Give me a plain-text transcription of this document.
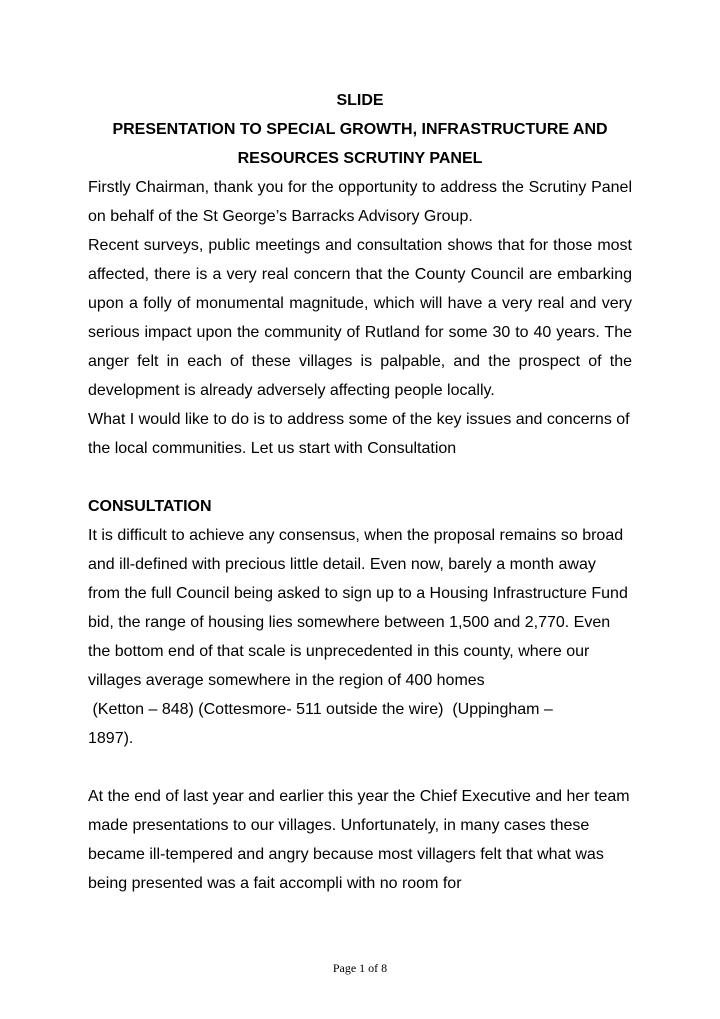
SLIDE
PRESENTATION TO SPECIAL GROWTH, INFRASTRUCTURE AND
RESOURCES SCRUTINY PANEL

Firstly Chairman, thank you for the opportunity to address the Scrutiny Panel on behalf of the St George’s Barracks Advisory Group.

Recent surveys, public meetings and consultation shows that for those most affected, there is a very real concern that the County Council are embarking upon a folly of monumental magnitude, which will have a very real and very serious impact upon the community of Rutland for some 30 to 40 years. The anger felt in each of these villages is palpable, and the prospect of the development is already adversely affecting people locally.

What I would like to do is to address some of the key issues and concerns of the local communities. Let us start with Consultation

CONSULTATION

It is difficult to achieve any consensus, when the proposal remains so broad and ill-defined with precious little detail. Even now, barely a month away from the full Council being asked to sign up to a Housing Infrastructure Fund bid, the range of housing lies somewhere between 1,500 and 2,770. Even the bottom end of that scale is unprecedented in this county, where our villages average somewhere in the region of 400 homes

(Ketton – 848) (Cottesmore- 511 outside the wire)  (Uppingham –

1897).

At the end of last year and earlier this year the Chief Executive and her team made presentations to our villages. Unfortunately, in many cases these became ill-tempered and angry because most villagers felt that what was being presented was a fait accompli with no room for

Page 1 of 8
